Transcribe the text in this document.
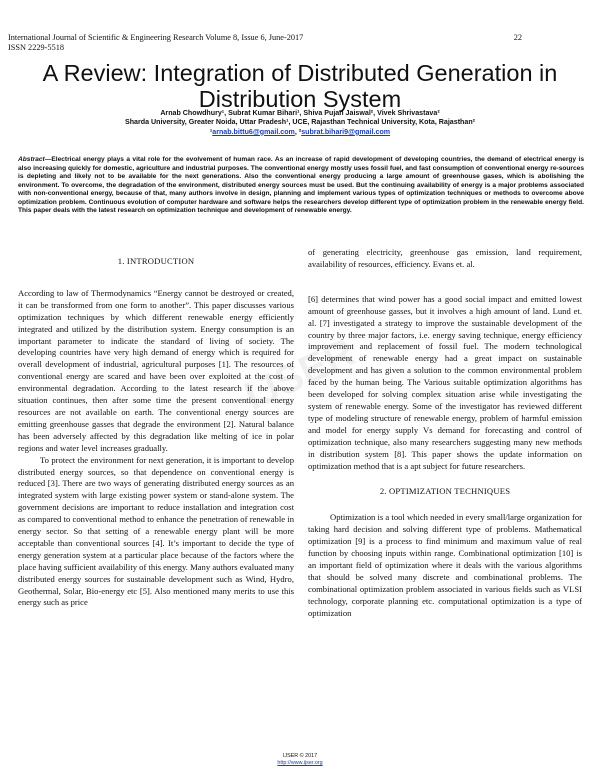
International Journal of Scientific & Engineering Research Volume 8, Issue 6, June-2017
ISSN 2229-5518
22
A Review: Integration of Distributed Generation in
Distribution System
Arnab Chowdhury¹, Subrat Kumar Bihari¹, Shiva Pujan Jaiswal², Vivek Shrivastava²
Sharda University, Greater Noida, Uttar Pradesh¹, UCE, Rajasthan Technical University, Kota, Rajasthan²
¹arnab.bittu6@gmail.com, ²subrat.bihari9@gmail.com
Abstract—Electrical energy plays a vital role for the evolvement of human race. As an increase of rapid development of developing countries, the demand of electrical energy is also increasing quickly for domestic, agriculture and industrial purposes. The conventional energy mostly uses fossil fuel, and fast consumption of conventional energy re-sources is depleting and likely not to be available for the next generations. Also the conventional energy producing a large amount of greenhouse gases, which is abolishing the environment. To overcome, the degradation of the environment, distributed energy sources must be used. But the continuing availability of energy is a major problems associated with non-conventional energy, because of that, many authors involve in design, planning and implement various types of optimization techniques or methods to overcome above optimization problem. Continuous evolution of computer hardware and software helps the researchers develop different type of optimization problem in the renewable energy field. This paper deals with the latest research on optimization technique and development of renewable energy.
IJSER
1. INTRODUCTION

According to law of Thermodynamics “Energy cannot be destroyed or created, it can be transformed from one form to another”. This paper discusses various optimization techniques by which different renewable energy efficiently integrated and utilized by the distribution system. Energy consumption is an important parameter to indicate the standard of living of society. The developing countries have very high demand of energy which is required for overall development of industrial, agricultural purposes [1]. The resources of conventional energy are scared and have been over exploited at the cost of environmental degradation. According to the latest research if the above situation continues, then after some time the present conventional energy resources are not available on earth. The conventional energy sources are emitting greenhouse gasses that degrade the environment [2]. Natural balance has been adversely affected by this degradation like melting of ice in polar regions and water level increases gradually.

To protect the environment for next generation, it is important to develop distributed energy sources, so that dependence on conventional energy is reduced [3]. There are two ways of generating distributed energy sources as an integrated system with large existing power system or stand-alone system. The government decisions are important to reduce installation and integration cost as compared to conventional method to enhance the penetration of renewable in energy sector. So that setting of a renewable energy plant will be more acceptable than conventional sources [4]. It’s important to decide the type of energy generation system at a particular place because of the factors where the place having sufficient availability of this energy. Many authors evaluated many distributed energy sources for sustainable development such as Wind, Hydro, Geothermal, Solar, Bio-energy etc [5]. Also mentioned many merits to use this energy such as price

of generating electricity, greenhouse gas emission, land requirement, availability of resources, efficiency. Evans et. al.

[6] determines that wind power has a good social impact and emitted lowest amount of greenhouse gasses, but it involves a high amount of land. Lund et. al. [7] investigated a strategy to improve the sustainable development of the country by three major factors, i.e. energy saving technique, energy efficiency improvement and replacement of fossil fuel. The modern technological development of renewable energy had a great impact on sustainable development and has given a solution to the common environmental problem faced by the human being. The Various suitable optimization algorithms has been developed for solving complex situation arise while investigating the system of renewable energy. Some of the investigator has reviewed different type of modeling structure of renewable energy, problem of harmful emission and model for energy supply Vs demand for forecasting and control of optimization technique, also many researchers suggesting many new methods in distribution system [8]. This paper shows the update information on optimization method that is a apt subject for future researchers.

2. OPTIMIZATION TECHNIQUES

Optimization is a tool which needed in every small/large organization for taking hard decision and solving different type of problems. Mathematical optimization [9] is a process to find minimum and maximum value of real function by choosing inputs within range. Combinational optimization [10] is an important field of optimization where it deals with the various algorithms that should be solved many discrete and combinational problems. The combinational optimization problem associated in various fields such as VLSI technology, corporate planning etc. computational optimization is a type of optimization

IJSER © 2017
http://www.ijser.org
